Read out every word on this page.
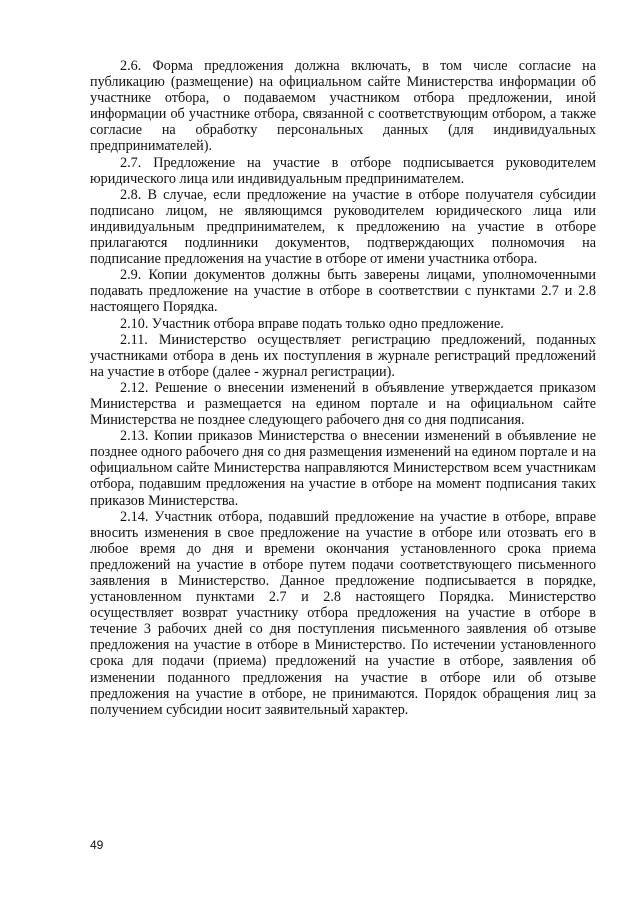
2.6. Форма предложения должна включать, в том числе согласие на публикацию (размещение) на официальном сайте Министерства информации об участнике отбора, о подаваемом участником отбора предложении, иной информации об участнике отбора, связанной с соответствующим отбором, а также согласие на обработку персональных данных (для индивидуальных предпринимателей).

2.7. Предложение на участие в отборе подписывается руководителем юридического лица или индивидуальным предпринимателем.

2.8. В случае, если предложение на участие в отборе получателя субсидии подписано лицом, не являющимся руководителем юридического лица или индивидуальным предпринимателем, к предложению на участие в отборе прилагаются подлинники документов, подтверждающих полномочия на подписание предложения на участие в отборе от имени участника отбора.

2.9. Копии документов должны быть заверены лицами, уполномоченными подавать предложение на участие в отборе в соответствии с пунктами 2.7 и 2.8 настоящего Порядка.

2.10. Участник отбора вправе подать только одно предложение.

2.11. Министерство осуществляет регистрацию предложений, поданных участниками отбора в день их поступления в журнале регистраций предложений на участие в отборе (далее - журнал регистрации).

2.12. Решение о внесении изменений в объявление утверждается приказом Министерства и размещается на едином портале и на официальном сайте Министерства не позднее следующего рабочего дня со дня подписания.

2.13. Копии приказов Министерства о внесении изменений в объявление не позднее одного рабочего дня со дня размещения изменений на едином портале и на официальном сайте Министерства направляются Министерством всем участникам отбора, подавшим предложения на участие в отборе на момент подписания таких приказов Министерства.

2.14. Участник отбора, подавший предложение на участие в отборе, вправе вносить изменения в свое предложение на участие в отборе или отозвать его в любое время до дня и времени окончания установленного срока приема предложений на участие в отборе путем подачи соответствующего письменного заявления в Министерство. Данное предложение подписывается в порядке, установленном пунктами 2.7 и 2.8 настоящего Порядка. Министерство осуществляет возврат участнику отбора предложения на участие в отборе в течение 3 рабочих дней со дня поступления письменного заявления об отзыве предложения на участие в отборе в Министерство. По истечении установленного срока для подачи (приема) предложений на участие в отборе, заявления об изменении поданного предложения на участие в отборе или об отзыве предложения на участие в отборе, не принимаются. Порядок обращения лиц за получением субсидии носит заявительный характер.

49
